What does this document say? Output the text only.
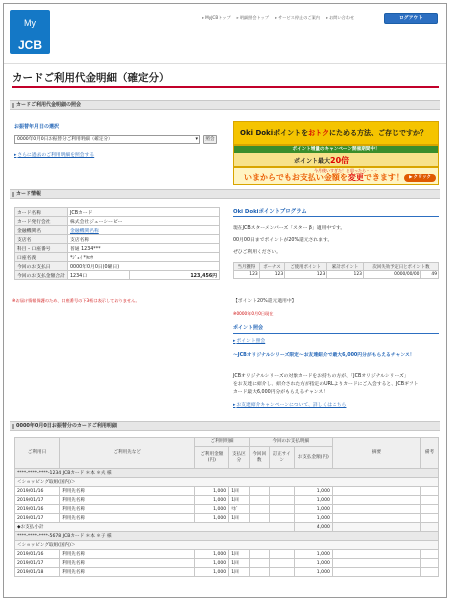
My
JCB
▸ MyJCBトップ	▸ 明細照会トップ	▸ サービス停止のご案内	▸ お問い合わせ	ログアウト
カードご利用代金明細（確定分）
カードご利用代金明細の照会
お振替年月日の選択
0000年0月0日お振替分ご利用明細（確定分） ▾	照会
▸ さらに過去のご利用明細を照会する
Oki Dokiポイントをおトクにためる方法、ご存じですか？
ポイント増量のキャンペーン開催期間中！
ポイント最大20倍
今月使いすぎた！と思ったら・・・
いまからでもお支払い金額を変更できます！	▶ クリック
カード情報
カード名称	JCBカード	
カード発行会社	株式会社ジェーシービー	
金融機関名	金融機関名称	
支店名	支店名称	
科目・口座番号	普通 1234***	
口座名義	*ｼﾞｪｲ *ﾀﾛｳ	
今回のお支払日	0000年0月0日(0曜日)	
今回のお支払金額合計	1234口	123,456円
※お届け情報保護のため、口座番号の下3桁は表示しておりません。
Oki Dokiポイントプログラム
現在JCBスターメンバーズ「スター β」適用中です。
00月00日までポイントが20%還元されます。
ぜひご利用ください。
当月獲得	ボーナス	ご使用ポイント	累計ポイント	次回失効予定日とポイント数	
123	123	123	123	0000/00/00	49
【ポイント20%還元適用中】
※0000年0月0日現在
ポイント照会
▸ ポイント照会
～JCBオリジナルシリーズ限定～お友達紹介で最大6,000円分がもらえるチャンス！
JCBオリジナルシリーズの対象カードをお持ちの方が、「JCBオリジナルシリーズ」
をお友達に紹介し、紹介された方が指定のURLよりカードにご入会すると、JCBギフト
カード最大6,000円分がもらえるチャンス！
▸ お友達紹介キャンペーンについて、詳しくはこちら
0000年0月0日お振替分のカードご利用明細
ご利用日	ご利用先など	ご利用明細		今回のお支払明細			摘要	備考
		ご利用金額(円)	支払区分	今回回数	訂正サイン	お支払金額(円)		
****-****-****-1234 JCBカード ＊本 ＊夫 様								
＜ショッピング取組(国内)＞								
2019/01/16	利用先名称	1,000	1回			1,000		
2019/01/17	利用先名称	1,000	1回			1,000		
2019/01/16	利用先名称	1,000	ﾘﾎﾞ			1,000		
2019/01/17	利用先名称	1,000	1回			1,000		
◆お支払小計						4,000		
****-****-****-5678 JCBカード ＊本 ＊子 様								
＜ショッピング取組(国内)＞								
2019/01/16	利用先名称	1,000	1回			1,000		
2019/01/17	利用先名称	1,000	1回			1,000		
2019/01/18	利用先名称	1,000	1回			1,000		
